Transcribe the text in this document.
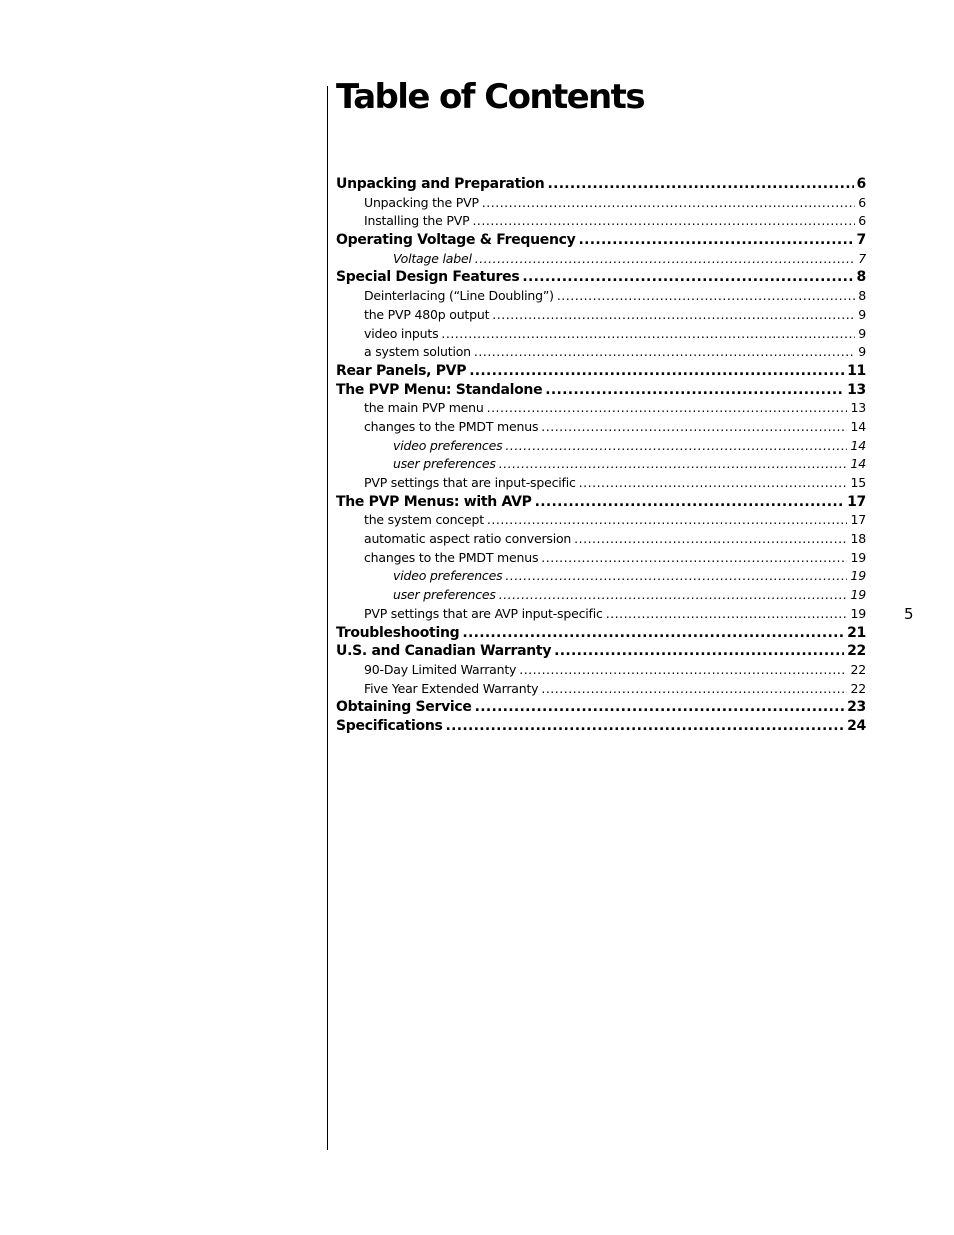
Table of Contents
Unpacking and Preparation .....	6
Unpacking the PVP .....	6
Installing the PVP .....	6
Operating Voltage & Frequency .....	7
Voltage label .....	7
Special Design Features .....	8
Deinterlacing (“Line Doubling”) .....	8
the PVP 480p output .....	9
video inputs .....	9
a system solution .....	9
Rear Panels, PVP .....	11
The PVP Menu: Standalone .....	13
the main PVP menu .....	13
changes to the PMDT menus .....	14
video preferences .....	14
user preferences .....	14
PVP settings that are input-specific .....	15
The PVP Menus: with AVP .....	17
the system concept .....	17
automatic aspect ratio conversion .....	18
changes to the PMDT menus .....	19
video preferences .....	19
user preferences .....	19
PVP settings that are AVP input-specific .....	19
Troubleshooting .....	21
U.S. and Canadian Warranty .....	22
90-Day Limited Warranty .....	22
Five Year Extended Warranty .....	22
Obtaining Service .....	23
Specifications .....	24
5
